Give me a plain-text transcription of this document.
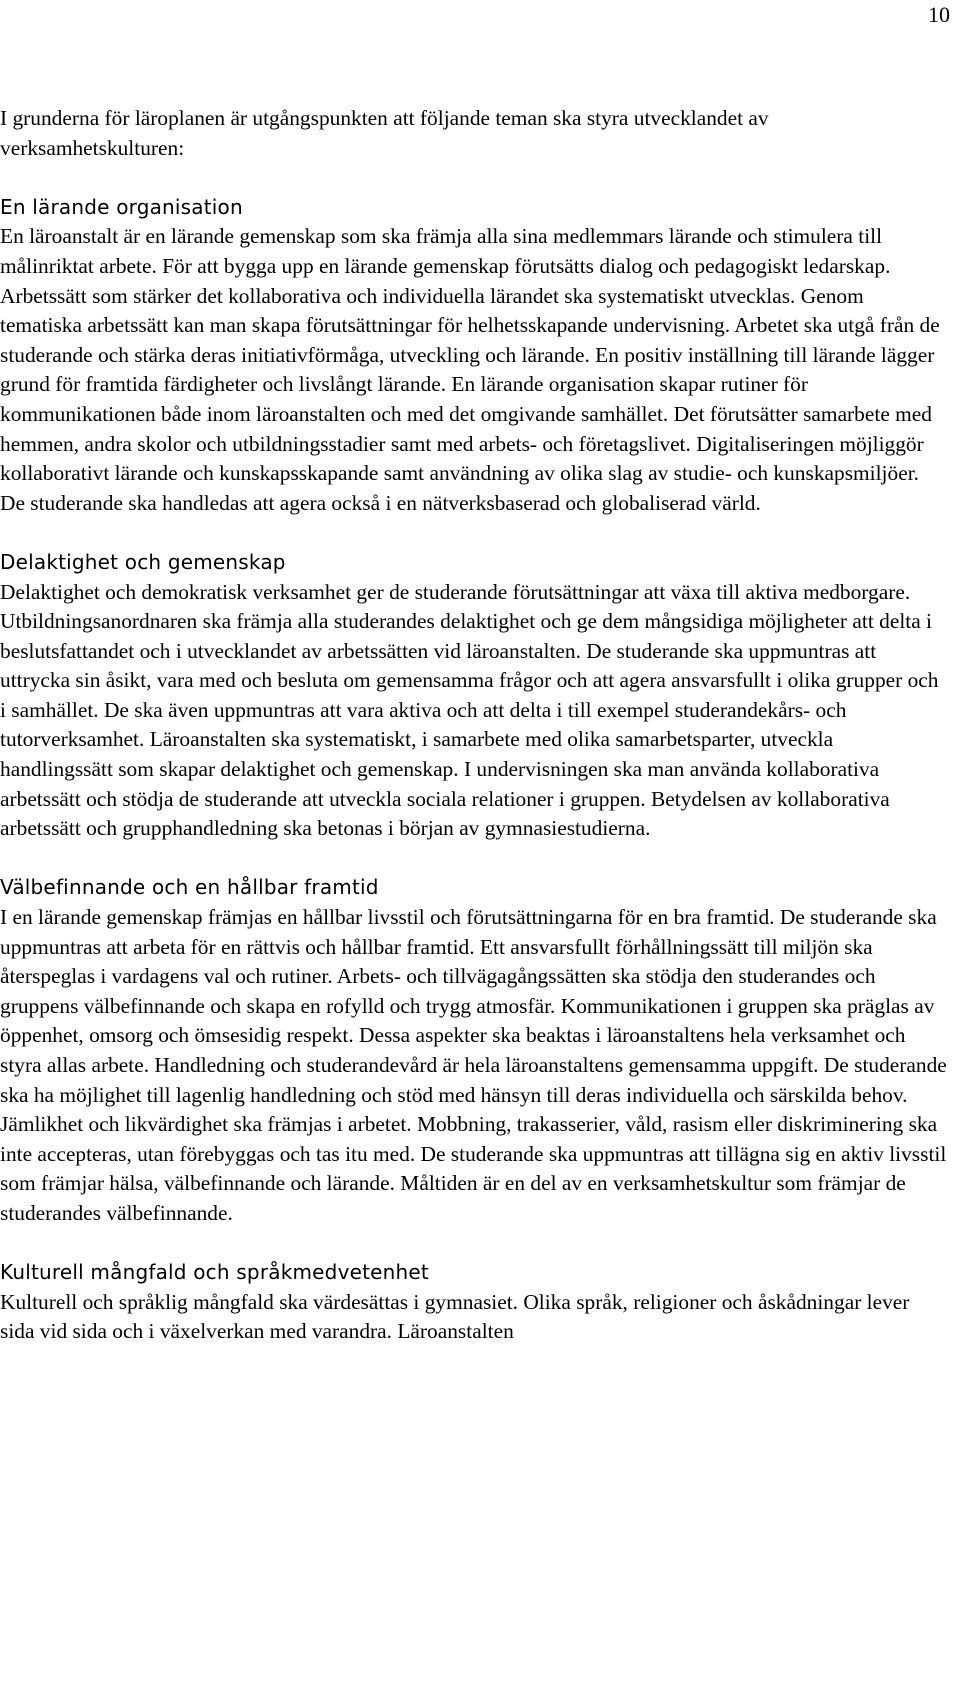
10

I grunderna för läroplanen är utgångspunkten att följande teman ska styra utvecklandet av verksamhetskulturen:

En lärande organisation

En läroanstalt är en lärande gemenskap som ska främja alla sina medlemmars lärande och stimulera till målinriktat arbete. För att bygga upp en lärande gemenskap förutsätts dialog och pedagogiskt ledarskap. Arbetssätt som stärker det kollaborativa och individuella lärandet ska systematiskt utvecklas. Genom tematiska arbetssätt kan man skapa förutsättningar för helhetsskapande undervisning. Arbetet ska utgå från de studerande och stärka deras initiativförmåga, utveckling och lärande. En positiv inställning till lärande lägger grund för framtida färdigheter och livslångt lärande. En lärande organisation skapar rutiner för kommunikationen både inom läroanstalten och med det omgivande samhället. Det förutsätter samarbete med hemmen, andra skolor och utbildningsstadier samt med arbets- och företagslivet. Digitaliseringen möjliggör kollaborativt lärande och kunskapsskapande samt användning av olika slag av studie- och kunskapsmiljöer. De studerande ska handledas att agera också i en nätverksbaserad och globaliserad värld.

Delaktighet och gemenskap

Delaktighet och demokratisk verksamhet ger de studerande förutsättningar att växa till aktiva medborgare. Utbildningsanordnaren ska främja alla studerandes delaktighet och ge dem mångsidiga möjligheter att delta i beslutsfattandet och i utvecklandet av arbetssätten vid läroanstalten. De studerande ska uppmuntras att uttrycka sin åsikt, vara med och besluta om gemensamma frågor och att agera ansvarsfullt i olika grupper och i samhället. De ska även uppmuntras att vara aktiva och att delta i till exempel studerandekårs- och tutorverksamhet. Läroanstalten ska systematiskt, i samarbete med olika samarbetsparter, utveckla handlingssätt som skapar delaktighet och gemenskap. I undervisningen ska man använda kollaborativa arbetssätt och stödja de studerande att utveckla sociala relationer i gruppen. Betydelsen av kollaborativa arbetssätt och grupphandledning ska betonas i början av gymnasiestudierna.

Välbefinnande och en hållbar framtid

I en lärande gemenskap främjas en hållbar livsstil och förutsättningarna för en bra framtid. De studerande ska uppmuntras att arbeta för en rättvis och hållbar framtid. Ett ansvarsfullt förhållningssätt till miljön ska återspeglas i vardagens val och rutiner. Arbets- och tillvägagångssätten ska stödja den studerandes och gruppens välbefinnande och skapa en rofylld och trygg atmosfär. Kommunikationen i gruppen ska präglas av öppenhet, omsorg och ömsesidig respekt. Dessa aspekter ska beaktas i läroanstaltens hela verksamhet och styra allas arbete. Handledning och studerandevård är hela läroanstaltens gemensamma uppgift. De studerande ska ha möjlighet till lagenlig handledning och stöd med hänsyn till deras individuella och särskilda behov. Jämlikhet och likvärdighet ska främjas i arbetet. Mobbning, trakasserier, våld, rasism eller diskriminering ska inte accepteras, utan förebyggas och tas itu med. De studerande ska uppmuntras att tillägna sig en aktiv livsstil som främjar hälsa, välbefinnande och lärande. Måltiden är en del av en verksamhetskultur som främjar de studerandes välbefinnande.

Kulturell mångfald och språkmedvetenhet

Kulturell och språklig mångfald ska värdesättas i gymnasiet. Olika språk, religioner och åskådningar lever sida vid sida och i växelverkan med varandra. Läroanstalten
